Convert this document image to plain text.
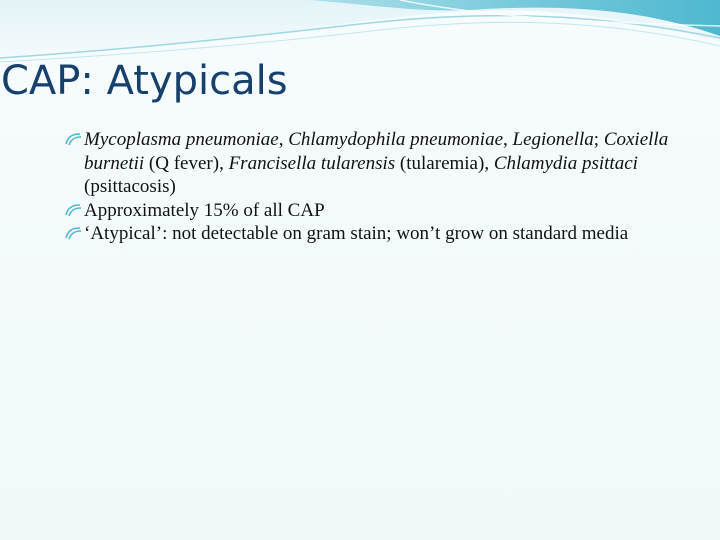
CAP: Atypicals
Mycoplasma pneumoniae, Chlamydophila pneumoniae, Legionella; Coxiella burnetii (Q fever), Francisella tularensis (tularemia), Chlamydia psittaci (psittacosis)
Approximately 15% of all CAP
‘Atypical’: not detectable on gram stain; won’t grow on standard media
